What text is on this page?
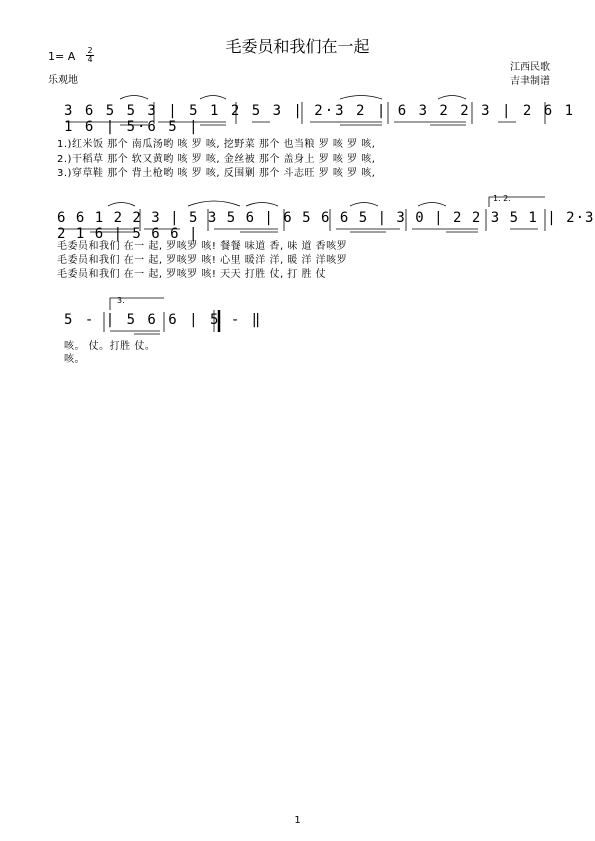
毛委员和我们在一起
1= A 2
4
乐观地
江西民歌
吉聿制谱
3 6 5 5 3 | 5 1 2 5 3 | 2·3 2 | 6 3 2 2 3 | 2 6 1 1 6 | 5·6 5 |
1.)红米饭 那个 南瓜汤哟 咳 罗 咳, 挖野菜 那个 也当粮 罗 咳 罗 咳,
2.)干稻草 那个 软又黄哟 咳 罗 咳, 金丝被 那个 盖身上 罗 咳 罗 咳,
3.)穿草鞋 那个 背土枪哟 咳 罗 咳, 反围剿 那个 斗志旺 罗 咳 罗 咳,
1. 2.
6 6 1 2 2 3 | 5 3 5 6 | 6 5 6 6 5 | 3 0 | 2 2 3 5 1 | 2·3 2 1 6 | 5 6 6 |
毛委员和我们 在一 起, 罗咳罗 咳! 餐餐 味道 香, 味 道 香咳罗
毛委员和我们 在一 起, 罗咳罗 咳! 心里 暖洋 洋, 暖 洋 洋咳罗
毛委员和我们 在一 起, 罗咳罗 咳! 天天 打胜 仗, 打 胜 仗
3.
5 - | 5 6 6 | 5 - ‖
咳。 仗。打胜 仗。
咳。
1
